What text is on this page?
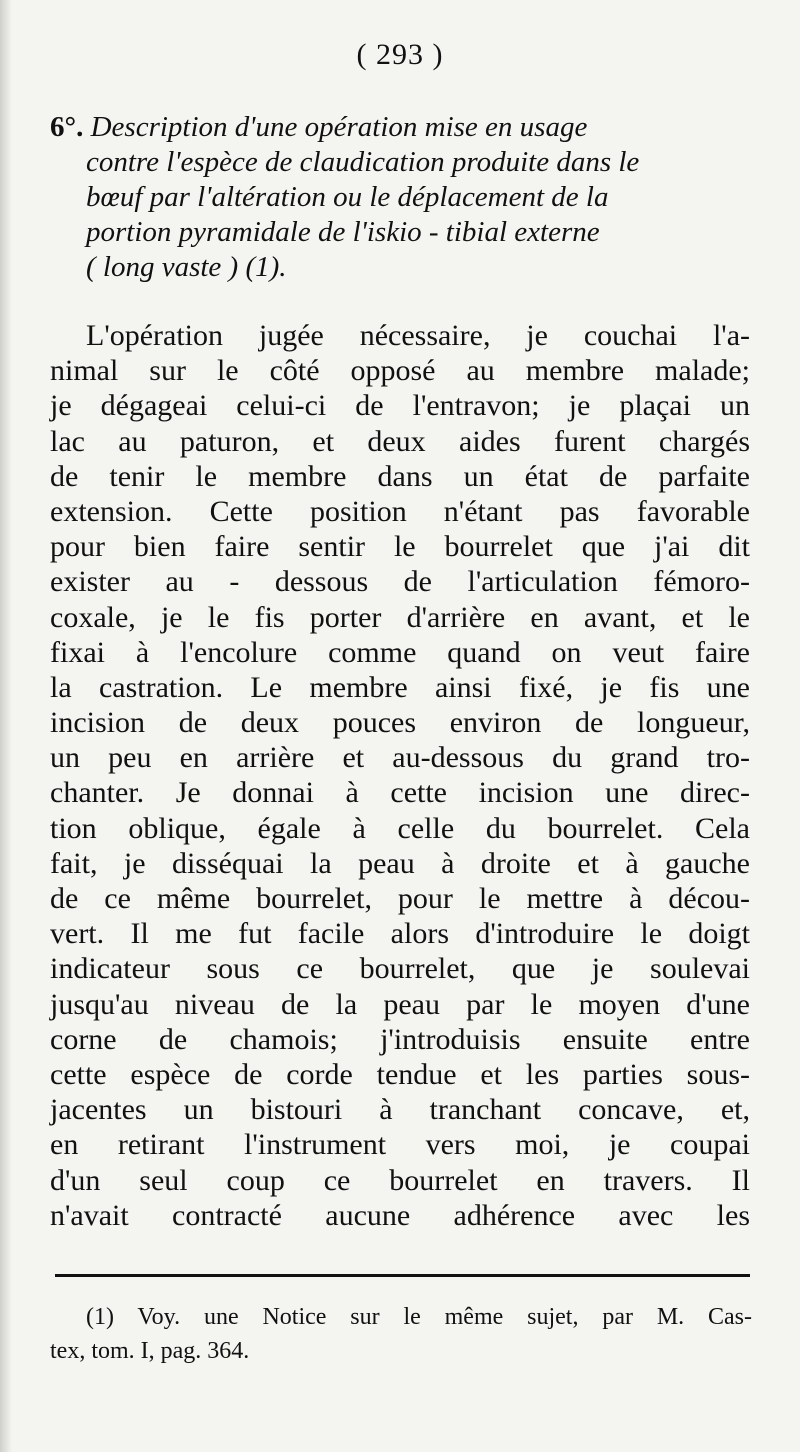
( 293 )

6°. Description d'une opération mise en usage

contre l'espèce de claudication produite dans le

bœuf par l'altération ou le déplacement de la

portion pyramidale de l'iskio - tibial externe

( long vaste ) (1).

L'opération jugée nécessaire, je couchai l'a-
nimal sur le côté opposé au membre malade;
je dégageai celui-ci de l'entravon; je plaçai un
lac au paturon, et deux aides furent chargés
de tenir le membre dans un état de parfaite
extension. Cette position n'étant pas favorable
pour bien faire sentir le bourrelet que j'ai dit
exister au - dessous de l'articulation fémoro-
coxale, je le fis porter d'arrière en avant, et le
fixai à l'encolure comme quand on veut faire
la castration. Le membre ainsi fixé, je fis une
incision de deux pouces environ de longueur,
un peu en arrière et au-dessous du grand tro-
chanter. Je donnai à cette incision une direc-
tion oblique, égale à celle du bourrelet. Cela
fait, je disséquai la peau à droite et à gauche
de ce même bourrelet, pour le mettre à décou-
vert. Il me fut facile alors d'introduire le doigt
indicateur sous ce bourrelet, que je soulevai
jusqu'au niveau de la peau par le moyen d'une
corne de chamois; j'introduisis ensuite entre
cette espèce de corde tendue et les parties sous-
jacentes un bistouri à tranchant concave, et,
en retirant l'instrument vers moi, je coupai
d'un seul coup ce bourrelet en travers. Il
n'avait contracté aucune adhérence avec les
(1) Voy. une Notice sur le même sujet, par M. Cas-
tex, tom. I, pag. 364.
